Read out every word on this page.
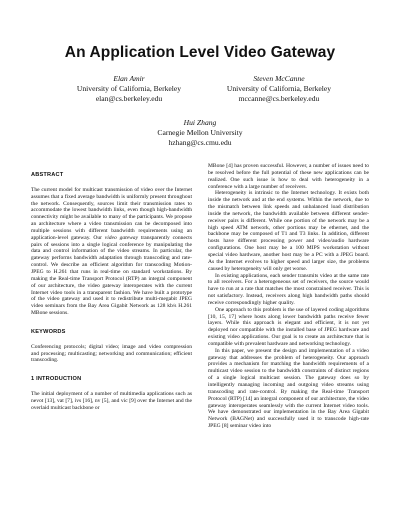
An Application Level Video Gateway
Elan Amir
University of California, Berkeley
elan@cs.berkeley.edu
Steven McCanne
University of California, Berkeley
mccanne@cs.berkeley.edu
Hui Zhang
Carnegie Mellon University
hzhang@cs.cmu.edu
ABSTRACT

The current model for multicast transmission of video over the Internet assumes that a fixed average bandwidth is uniformly present throughout the network. Consequently, sources limit their transmission rates to accommodate the lowest bandwidth links, even though high-bandwidth connectivity might be available to many of the participants. We propose an architecture where a video transmission can be decomposed into multiple sessions with different bandwidth requirements using an application-level gateway. Our video gateway transparently connects pairs of sessions into a single logical conference by manipulating the data and control information of the video streams. In particular, the gateway performs bandwidth adaptation through transcoding and rate-control. We describe an efficient algorithm for transcoding Motion-JPEG to H.261 that runs in real-time on standard workstations. By making the Real-time Transport Protocol (RTP) an integral component of our architecture, the video gateway interoperates with the current Internet video tools in a transparent fashion. We have built a prototype of the video gateway and used it to redistribute multi-megabit JPEG video seminars from the Bay Area Gigabit Network as 128 kb/s H.261 MBone sessions.

KEYWORDS

Conferencing protocols; digital video; image and video compression and processing; multicasting; networking and communication; efficient transcoding.

1 INTRODUCTION

The initial deployment of a number of multimedia applications such as nevot [13], vat [7], ivs [16], nv [5], and vic [9] over the Internet and the overlaid multicast backbone or

MBone [4] has proven successful. However, a number of issues need to be resolved before the full potential of these new applications can be realized. One such issue is how to deal with heterogeneity in a conference with a large number of receivers.

Heterogeneity is intrinsic to the Internet technology. It exists both inside the network and at the end systems. Within the network, due to the mismatch between link speeds and unbalanced load distribution inside the network, the bandwidth available between different sender-receiver pairs is different. While one portion of the network may be a high speed ATM network, other portions may be ethernet, and the backbone may be composed of T1 and T3 links. In addition, different hosts have different processing power and video/audio hardware configurations. One host may be a 100 MIPS workstation without special video hardware, another host may be a PC with a JPEG board. As the Internet evolves to higher speed and larger size, the problems caused by heterogeneity will only get worse.

In existing applications, each sender transmits video at the same rate to all receivers. For a heterogeneous set of receivers, the source would have to run at a rate that matches the most constrained receiver. This is not satisfactory. Instead, receivers along high bandwidth paths should receive correspondingly higher quality.

One approach to this problem is the use of layered coding algorithms [10, 15, 17] where hosts along lower bandwidth paths receive fewer layers. While this approach is elegant and efficient, it is not yet deployed nor compatible with the installed base of JPEG hardware and existing video applications. Our goal is to create an architecture that is compatible with prevalent hardware and networking technology.

In this paper, we present the design and implementation of a video gateway that addresses the problem of heterogeneity. Our approach provides a mechanism for matching the bandwidth requirements of a multicast video session to the bandwidth constraints of distinct regions of a single logical multicast session. The gateway does so by intelligently managing incoming and outgoing video streams using transcoding and rate-control. By making the Real-time Transport Protocol (RTP) [14] an integral component of our architecture, the video gateway interoperates seamlessly with the current Internet video tools. We have demonstrated our implementation in the Bay Area Gigabit Network (BAGNet) and successfully used it to transcode high-rate JPEG [8] seminar video into
